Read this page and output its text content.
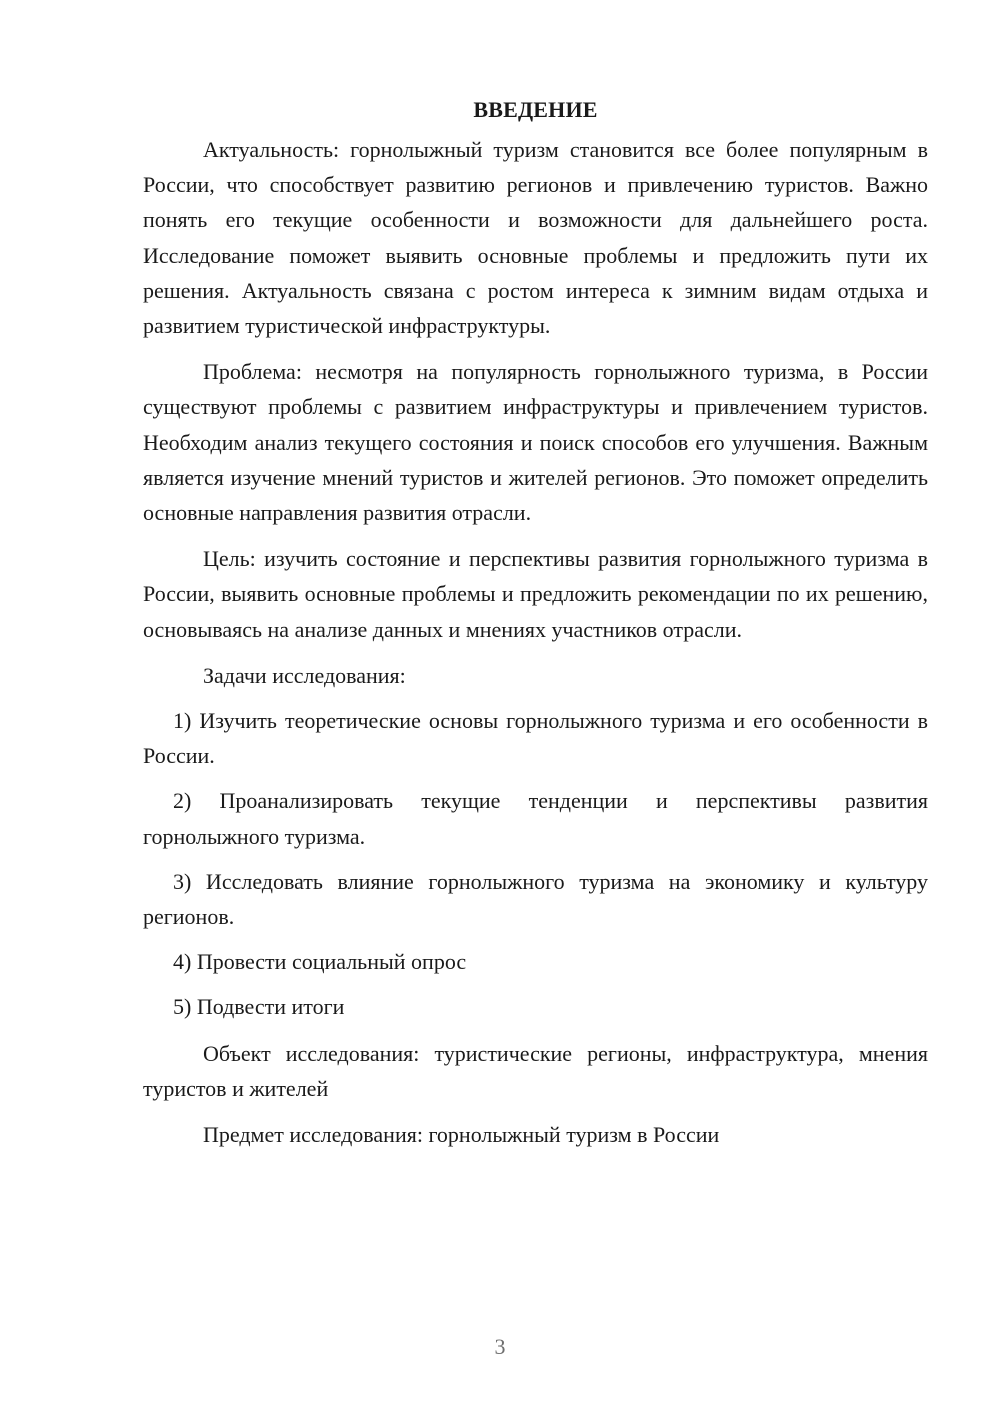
ВВЕДЕНИЕ

Актуальность: горнолыжный туризм становится все более популярным в России, что способствует развитию регионов и привлечению туристов. Важно понять его текущие особенности и возможности для дальнейшего роста. Исследование поможет выявить основные проблемы и предложить пути их решения. Актуальность связана с ростом интереса к зимним видам отдыха и развитием туристической инфраструктуры.

Проблема: несмотря на популярность горнолыжного туризма, в России существуют проблемы с развитием инфраструктуры и привлечением туристов. Необходим анализ текущего состояния и поиск способов его улучшения. Важным является изучение мнений туристов и жителей регионов. Это поможет определить основные направления развития отрасли.

Цель: изучить состояние и перспективы развития горнолыжного туризма в России, выявить основные проблемы и предложить рекомендации по их решению, основываясь на анализе данных и мнениях участников отрасли.

Задачи исследования:

1) Изучить теоретические основы горнолыжного туризма и его особенности в России.

2) Проанализировать текущие тенденции и перспективы развития горнолыжного туризма.

3) Исследовать влияние горнолыжного туризма на экономику и культуру регионов.

4) Провести социальный опрос

5) Подвести итоги

Объект исследования: туристические регионы, инфраструктура, мнения туристов и жителей

Предмет исследования: горнолыжный туризм в России

3
